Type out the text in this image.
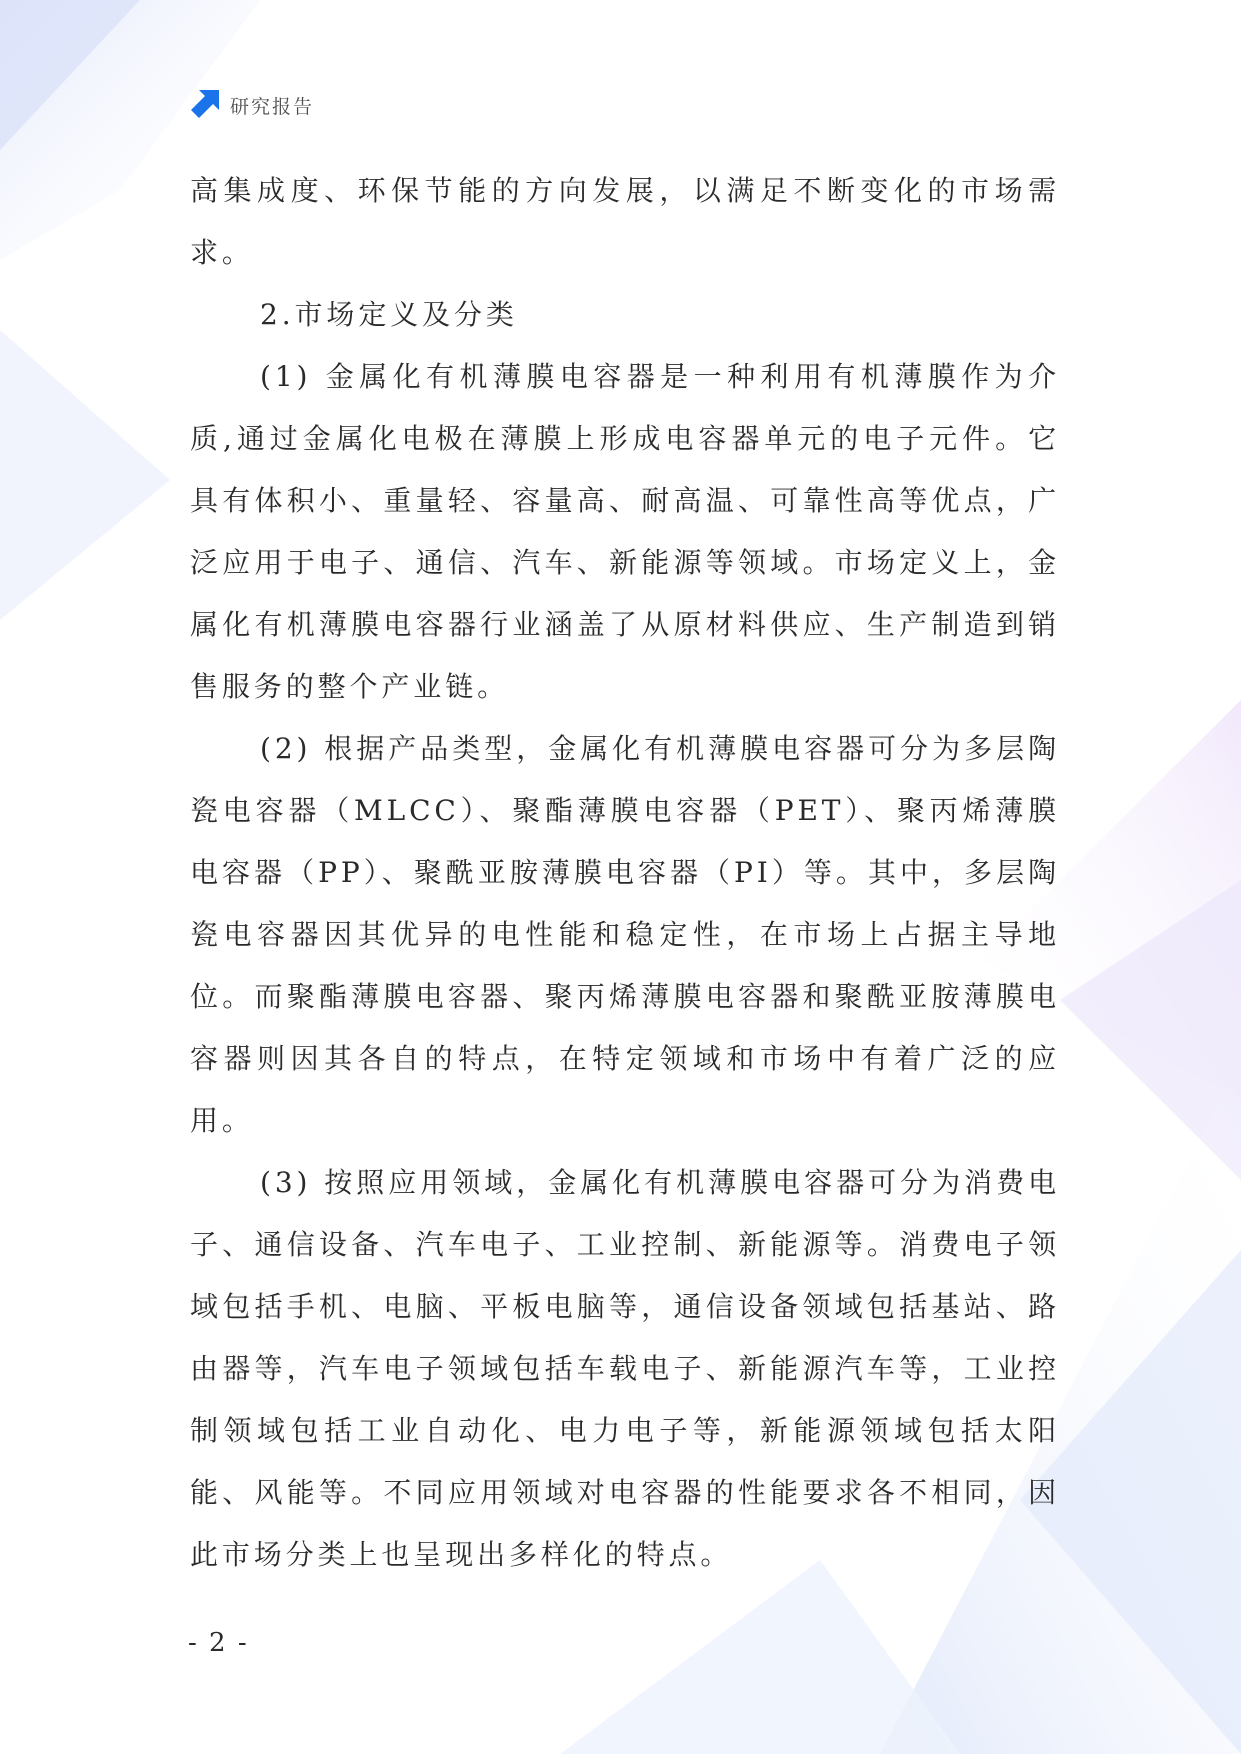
研究报告

高集成度、环保节能的方向发展，以满足不断变化的市场需求。

2.市场定义及分类

(1) 金属化有机薄膜电容器是一种利用有机薄膜作为介质,通过金属化电极在薄膜上形成电容器单元的电子元件。它具有体积小、重量轻、容量高、耐高温、可靠性高等优点，广泛应用于电子、通信、汽车、新能源等领域。市场定义上，金属化有机薄膜电容器行业涵盖了从原材料供应、生产制造到销售服务的整个产业链。

(2) 根据产品类型，金属化有机薄膜电容器可分为多层陶瓷电容器（MLCC）、聚酯薄膜电容器（PET）、聚丙烯薄膜电容器（PP）、聚酰亚胺薄膜电容器（PI）等。其中，多层陶瓷电容器因其优异的电性能和稳定性，在市场上占据主导地位。而聚酯薄膜电容器、聚丙烯薄膜电容器和聚酰亚胺薄膜电容器则因其各自的特点，在特定领域和市场中有着广泛的应用。

(3) 按照应用领域，金属化有机薄膜电容器可分为消费电子、通信设备、汽车电子、工业控制、新能源等。消费电子领域包括手机、电脑、平板电脑等，通信设备领域包括基站、路由器等，汽车电子领域包括车载电子、新能源汽车等，工业控制领域包括工业自动化、电力电子等，新能源领域包括太阳能、风能等。不同应用领域对电容器的性能要求各不相同，因此市场分类上也呈现出多样化的特点。

- 2 -
